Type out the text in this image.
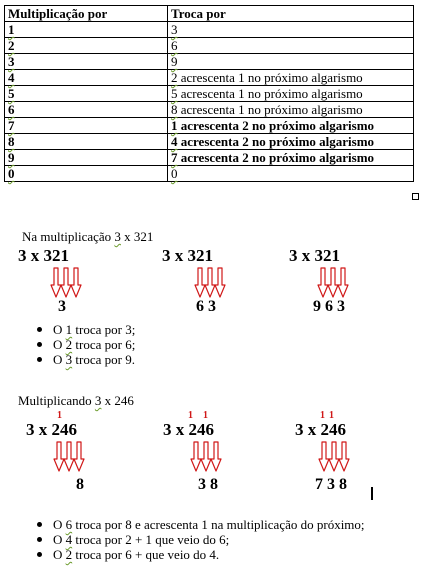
Multiplicação por	Troca por
1	3
2	6
3	9
4	2 acrescenta 1 no próximo algarismo
5	5 acrescenta 1 no próximo algarismo
6	8 acrescenta 1 no próximo algarismo
7	1 acrescenta 2 no próximo algarismo
8	4 acrescenta 2 no próximo algarismo
9	7 acrescenta 2 no próximo algarismo
0	0
Na multiplicação 3 x 321
3 x 321
3
3 x 321
6 3
3 x 321
9 6 3
O 1 troca por 3;
O 2 troca por 6;
O 3 troca por 9.
Multiplicando 3 x 246
1
3 x 246
8
1 1
3 x 246
3 8
1 1
3 x 246
7 3 8
O 6 troca por 8 e acrescenta 1 na multiplicação do próximo;
O 4 troca por 2 + 1 que veio do 6;
O 2 troca por 6 + que veio do 4.
